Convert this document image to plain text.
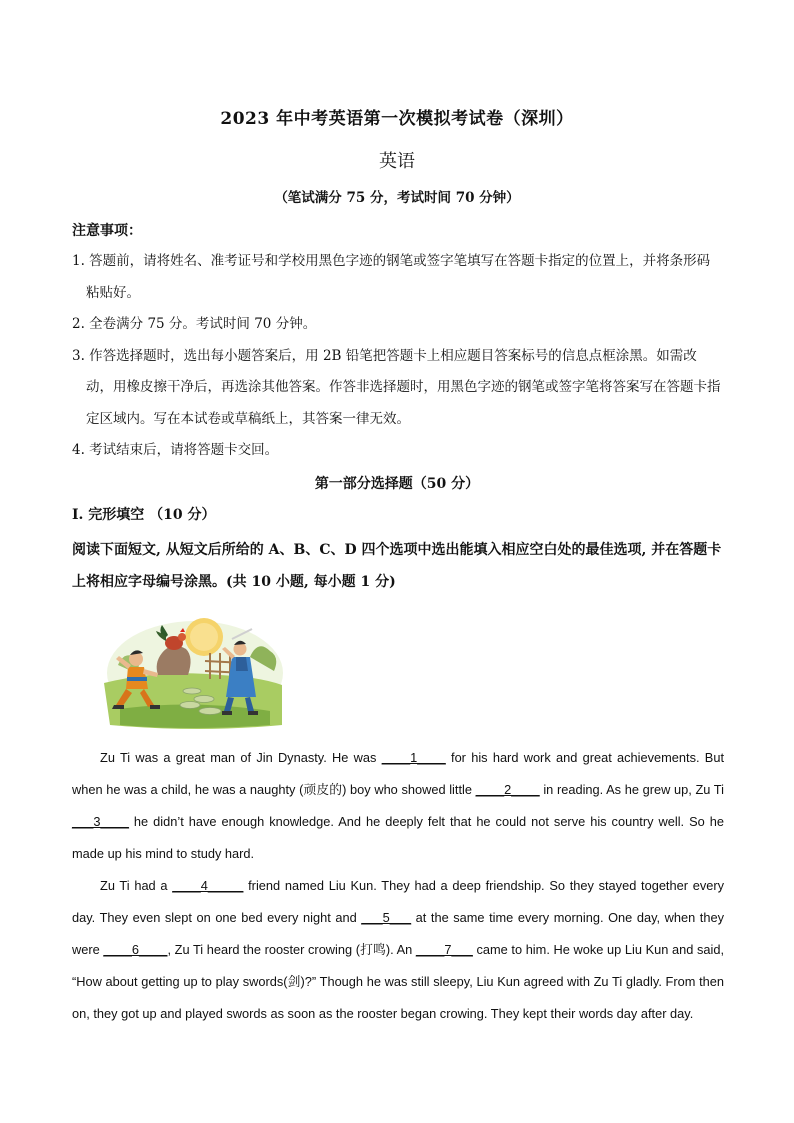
2023 年中考英语第一次模拟考试卷（深圳）
英语
（笔试满分 75 分，考试时间 70 分钟）
注意事项：
1. 答题前，请将姓名、准考证号和学校用黑色字迹的钢笔或签字笔填写在答题卡指定的位置上，并将条形码粘贴好。
2. 全卷满分 75 分。考试时间 70 分钟。
3. 作答选择题时，选出每小题答案后，用 2B 铅笔把答题卡上相应题目答案标号的信息点框涂黑。如需改动，用橡皮擦干净后，再选涂其他答案。作答非选择题时，用黑色字迹的钢笔或签字笔将答案写在答题卡指定区域内。写在本试卷或草稿纸上，其答案一律无效。
4. 考试结束后，请将答题卡交回。
第一部分选择题（50 分）
I. 完形填空 （10 分）
阅读下面短文, 从短文后所给的 A、B、C、D 四个选项中选出能填入相应空白处的最佳选项, 并在答题卡上将相应字母编号涂黑。(共 10 小题, 每小题 1 分)

Zu Ti was a great man of Jin Dynasty. He was ____1____ for his hard work and great achievements. But when he was a child, he was a naughty (顽皮的) boy who showed little ____2____ in reading. As he grew up, Zu Ti ___3____ he didn’t have enough knowledge. And he deeply felt that he could not serve his country well. So he made up his mind to study hard.

Zu Ti had a ____4_____ friend named Liu Kun. They had a deep friendship. So they stayed together every day. They even slept on one bed every night and ___5___ at the same time every morning. One day, when they were ____6____, Zu Ti heard the rooster crowing (打鸣). An ____7___ came to him. He woke up Liu Kun and said, “How about getting up to play swords(剑)?” Though he was still sleepy, Liu Kun agreed with Zu Ti gladly. From then on, they got up and played swords as soon as the rooster began crowing. They kept their words day after day.
